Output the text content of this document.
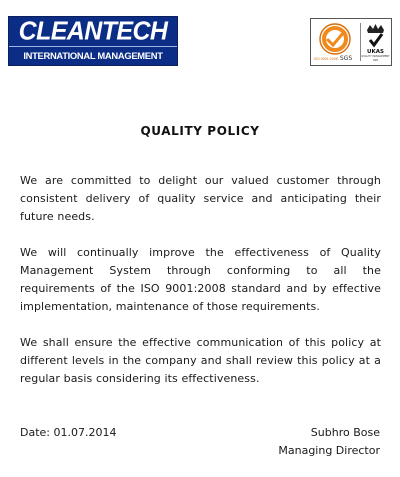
CLEANTECH
INTERNATIONAL MANAGEMENT SERVICES
SGS
ISO 9001:2008
UKAS
QUALITY MANAGEMENT
005
QUALITY POLICY

We are committed to delight our valued customer through consistent delivery of quality service and anticipating their future needs.

We will continually improve the effectiveness of Quality Management System through conforming to all the requirements of the ISO 9001:2008 standard and by effective implementation, maintenance of those requirements.

We shall ensure the effective communication of this policy at different levels in the company and shall review this policy at a regular basis considering its effectiveness.

Date: 01.07.2014	Subhro Bose
Managing Director
